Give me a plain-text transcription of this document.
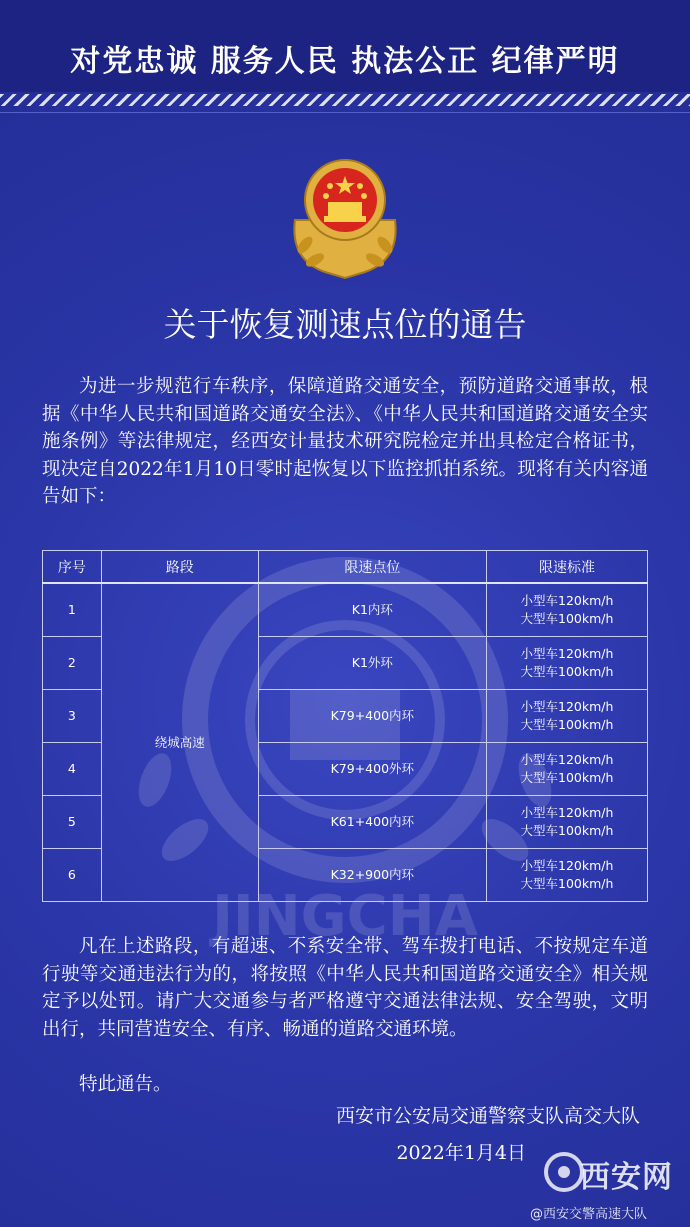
对党忠诚 服务人民 执法公正 纪律严明
JINGCHA
关于恢复测速点位的通告
为进一步规范行车秩序，保障道路交通安全，预防道路交通事故，根据《中华人民共和国道路交通安全法》、《中华人民共和国道路交通安全实施条例》等法律规定，经西安计量技术研究院检定并出具检定合格证书，现决定自2022年1月10日零时起恢复以下监控抓拍系统。现将有关内容通告如下：
序号	路段	限速点位	限速标准
1	绕城高速	K1内环	小型车120km/h
大型车100km/h
2		K1外环	小型车120km/h
大型车100km/h
3		K79+400内环	小型车120km/h
大型车100km/h
4		K79+400外环	小型车120km/h
大型车100km/h
5		K61+400内环	小型车120km/h
大型车100km/h
6		K32+900内环	小型车120km/h
大型车100km/h
凡在上述路段，有超速、不系安全带、驾车拨打电话、不按规定车道行驶等交通违法行为的，将按照《中华人民共和国道路交通安全》相关规定予以处罚。请广大交通参与者严格遵守交通法律法规、安全驾驶，文明出行，共同营造安全、有序、畅通的道路交通环境。
特此通告。
西安市公安局交通警察支队高交大队
2022年1月4日
西安网
@西安交警高速大队
